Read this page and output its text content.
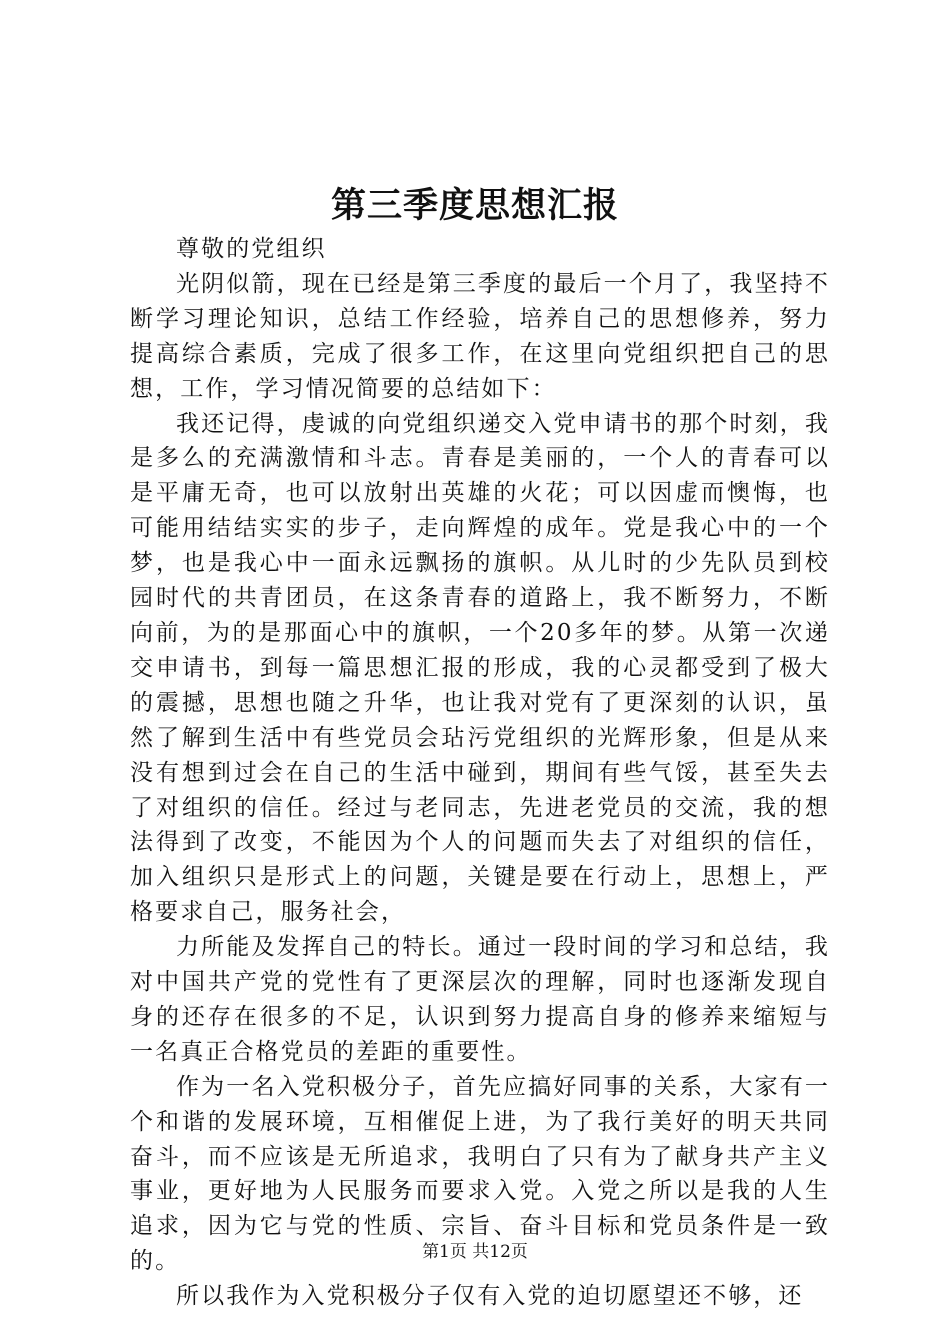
第三季度思想汇报

尊敬的党组织

光阴似箭，现在已经是第三季度的最后一个月了，我坚持不断学习理论知识，总结工作经验，培养自己的思想修养，努力提高综合素质，完成了很多工作，在这里向党组织把自己的思想，工作，学习情况简要的总结如下：

我还记得，虔诚的向党组织递交入党申请书的那个时刻，我是多么的充满激情和斗志。青春是美丽的，一个人的青春可以是平庸无奇，也可以放射出英雄的火花；可以因虚而懊悔，也可能用结结实实的步子，走向辉煌的成年。党是我心中的一个梦，也是我心中一面永远飘扬的旗帜。从儿时的少先队员到校园时代的共青团员，在这条青春的道路上，我不断努力，不断向前，为的是那面心中的旗帜，一个20多年的梦。从第一次递交申请书，到每一篇思想汇报的形成，我的心灵都受到了极大的震撼，思想也随之升华，也让我对党有了更深刻的认识，虽然了解到生活中有些党员会玷污党组织的光辉形象，但是从来没有想到过会在自己的生活中碰到，期间有些气馁，甚至失去了对组织的信任。经过与老同志，先进老党员的交流，我的想法得到了改变，不能因为个人的问题而失去了对组织的信任，加入组织只是形式上的问题，关键是要在行动上，思想上，严格要求自己，服务社会，

力所能及发挥自己的特长。通过一段时间的学习和总结，我对中国共产党的党性有了更深层次的理解，同时也逐渐发现自身的还存在很多的不足，认识到努力提高自身的修养来缩短与一名真正合格党员的差距的重要性。

作为一名入党积极分子，首先应搞好同事的关系，大家有一个和谐的发展环境，互相催促上进，为了我行美好的明天共同奋斗，而不应该是无所追求，我明白了只有为了献身共产主义事业，更好地为人民服务而要求入党。入党之所以是我的人生追求，因为它与党的性质、宗旨、奋斗目标和党员条件是一致的。

所以我作为入党积极分子仅有入党的迫切愿望还不够，还

第1页 共12页
